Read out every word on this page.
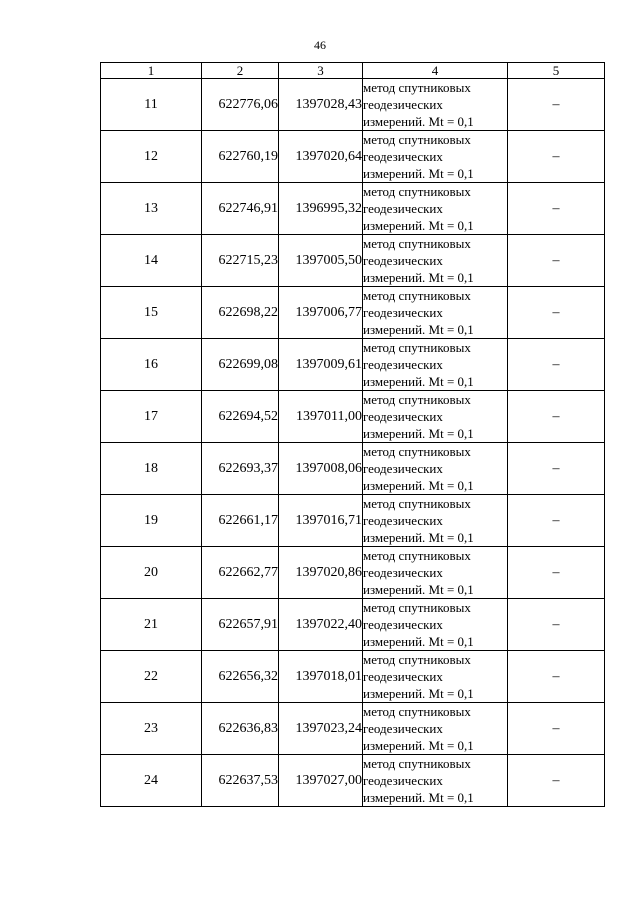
46
1	2	3	4	5
11	622776,06	1397028,43	метод спутниковых
геодезических
измерений. Mt = 0,1	–
12	622760,19	1397020,64	метод спутниковых
геодезических
измерений. Mt = 0,1	–
13	622746,91	1396995,32	метод спутниковых
геодезических
измерений. Mt = 0,1	–
14	622715,23	1397005,50	метод спутниковых
геодезических
измерений. Mt = 0,1	–
15	622698,22	1397006,77	метод спутниковых
геодезических
измерений. Mt = 0,1	–
16	622699,08	1397009,61	метод спутниковых
геодезических
измерений. Mt = 0,1	–
17	622694,52	1397011,00	метод спутниковых
геодезических
измерений. Mt = 0,1	–
18	622693,37	1397008,06	метод спутниковых
геодезических
измерений. Mt = 0,1	–
19	622661,17	1397016,71	метод спутниковых
геодезических
измерений. Mt = 0,1	–
20	622662,77	1397020,86	метод спутниковых
геодезических
измерений. Mt = 0,1	–
21	622657,91	1397022,40	метод спутниковых
геодезических
измерений. Mt = 0,1	–
22	622656,32	1397018,01	метод спутниковых
геодезических
измерений. Mt = 0,1	–
23	622636,83	1397023,24	метод спутниковых
геодезических
измерений. Mt = 0,1	–
24	622637,53	1397027,00	метод спутниковых
геодезических
измерений. Mt = 0,1	–
